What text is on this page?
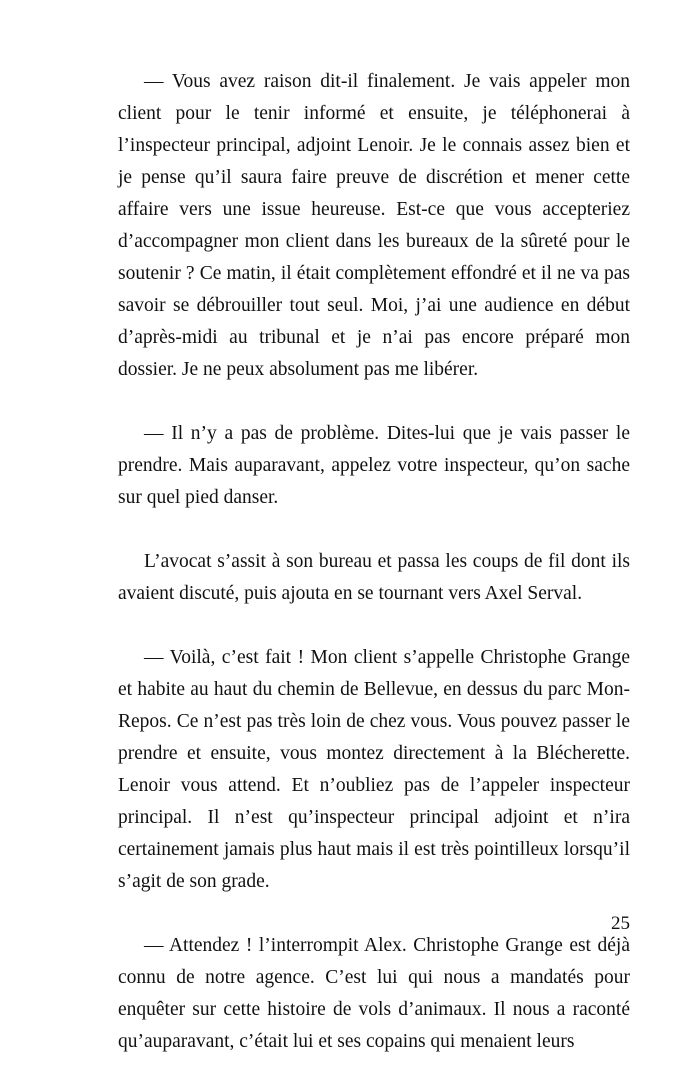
— Vous avez raison dit-il finalement. Je vais appeler mon client pour le tenir informé et ensuite, je téléphonerai à l’inspecteur principal, adjoint Lenoir. Je le connais assez bien et je pense qu’il saura faire preuve de discrétion et mener cette affaire vers une issue heureuse. Est-ce que vous accepteriez d’accompagner mon client dans les bureaux de la sûreté pour le soutenir ? Ce matin, il était complètement effondré et il ne va pas savoir se débrouiller tout seul. Moi, j’ai une audience en début d’après-midi au tribunal et je n’ai pas encore préparé mon dossier. Je ne peux absolument pas me libérer.

— Il n’y a pas de problème. Dites-lui que je vais passer le prendre. Mais auparavant, appelez votre inspecteur, qu’on sache sur quel pied danser.

L’avocat s’assit à son bureau et passa les coups de fil dont ils avaient discuté, puis ajouta en se tournant vers Axel Serval.

— Voilà, c’est fait ! Mon client s’appelle Christophe Grange et habite au haut du chemin de Bellevue, en dessus du parc Mon-Repos. Ce n’est pas très loin de chez vous. Vous pouvez passer le prendre et ensuite, vous montez directement à la Blécherette. Lenoir vous attend. Et n’oubliez pas de l’appeler inspecteur principal. Il n’est qu’inspecteur principal adjoint et n’ira certainement jamais plus haut mais il est très pointilleux lorsqu’il s’agit de son grade.

— Attendez ! l’interrompit Alex. Christophe Grange est déjà connu de notre agence. C’est lui qui nous a mandatés pour enquêter sur cette histoire de vols d’animaux. Il nous a raconté qu’auparavant, c’était lui et ses copains qui menaient leurs

25
